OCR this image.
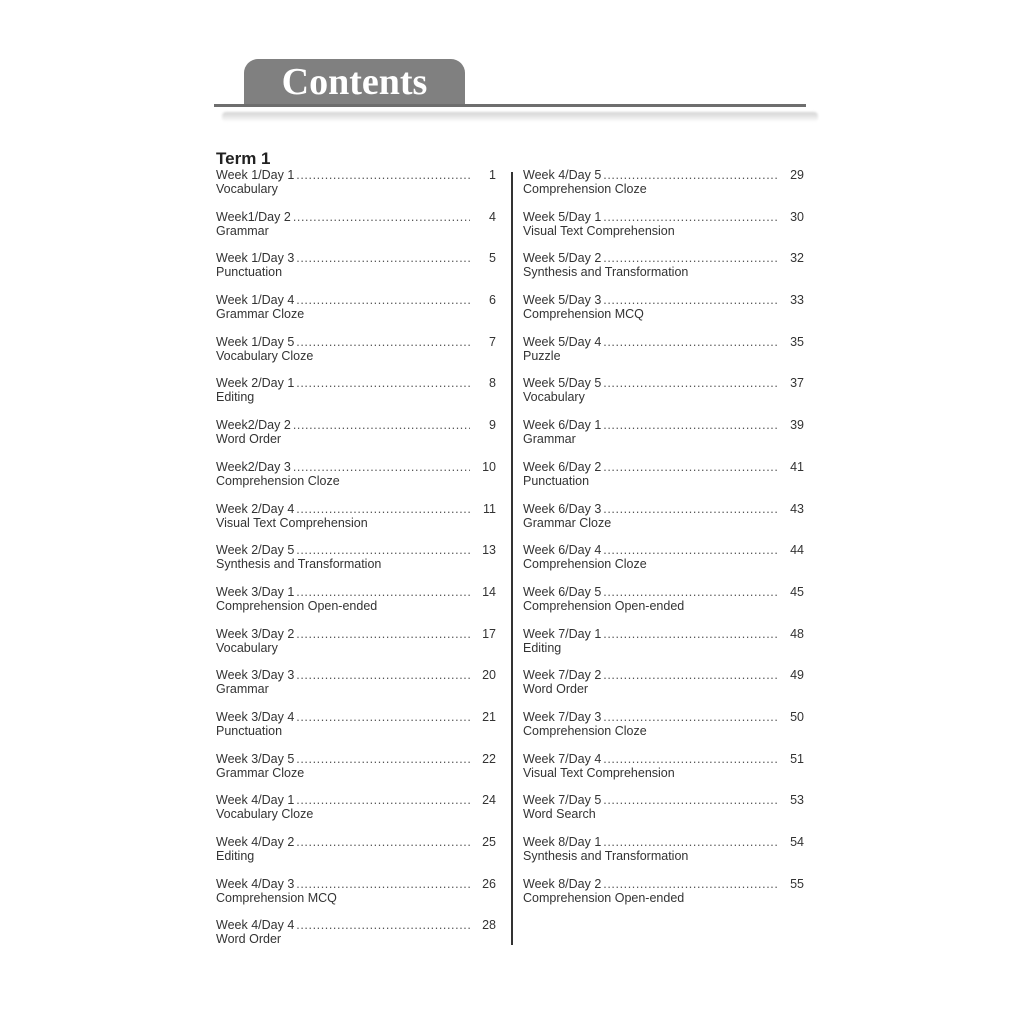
Contents
Term 1
Week 1/Day 1 .....	1
Vocabulary
Week1/Day 2 .....	4
Grammar
Week 1/Day 3 .....	5
Punctuation
Week 1/Day 4 .....	6
Grammar Cloze
Week 1/Day 5 .....	7
Vocabulary Cloze
Week 2/Day 1 .....	8
Editing
Week2/Day 2 .....	9
Word Order
Week2/Day 3 .....	10
Comprehension Cloze
Week 2/Day 4 .....	11
Visual Text Comprehension
Week 2/Day 5 .....	13
Synthesis and Transformation
Week 3/Day 1 .....	14
Comprehension Open-ended
Week 3/Day 2 .....	17
Vocabulary
Week 3/Day 3 .....	20
Grammar
Week 3/Day 4 .....	21
Punctuation
Week 3/Day 5 .....	22
Grammar Cloze
Week 4/Day 1 .....	24
Vocabulary Cloze
Week 4/Day 2 .....	25
Editing
Week 4/Day 3 .....	26
Comprehension MCQ
Week 4/Day 4 .....	28
Word Order
Week 4/Day 5 .....	29
Comprehension Cloze
Week 5/Day 1 .....	30
Visual Text Comprehension
Week 5/Day 2 .....	32
Synthesis and Transformation
Week 5/Day 3 .....	33
Comprehension MCQ
Week 5/Day 4 .....	35
Puzzle
Week 5/Day 5 .....	37
Vocabulary
Week 6/Day 1 .....	39
Grammar
Week 6/Day 2 .....	41
Punctuation
Week 6/Day 3 .....	43
Grammar Cloze
Week 6/Day 4 .....	44
Comprehension Cloze
Week 6/Day 5 .....	45
Comprehension Open-ended
Week 7/Day 1 .....	48
Editing
Week 7/Day 2 .....	49
Word Order
Week 7/Day 3 .....	50
Comprehension Cloze
Week 7/Day 4 .....	51
Visual Text Comprehension
Week 7/Day 5 .....	53
Word Search
Week 8/Day 1 .....	54
Synthesis and Transformation
Week 8/Day 2 .....	55
Comprehension Open-ended
